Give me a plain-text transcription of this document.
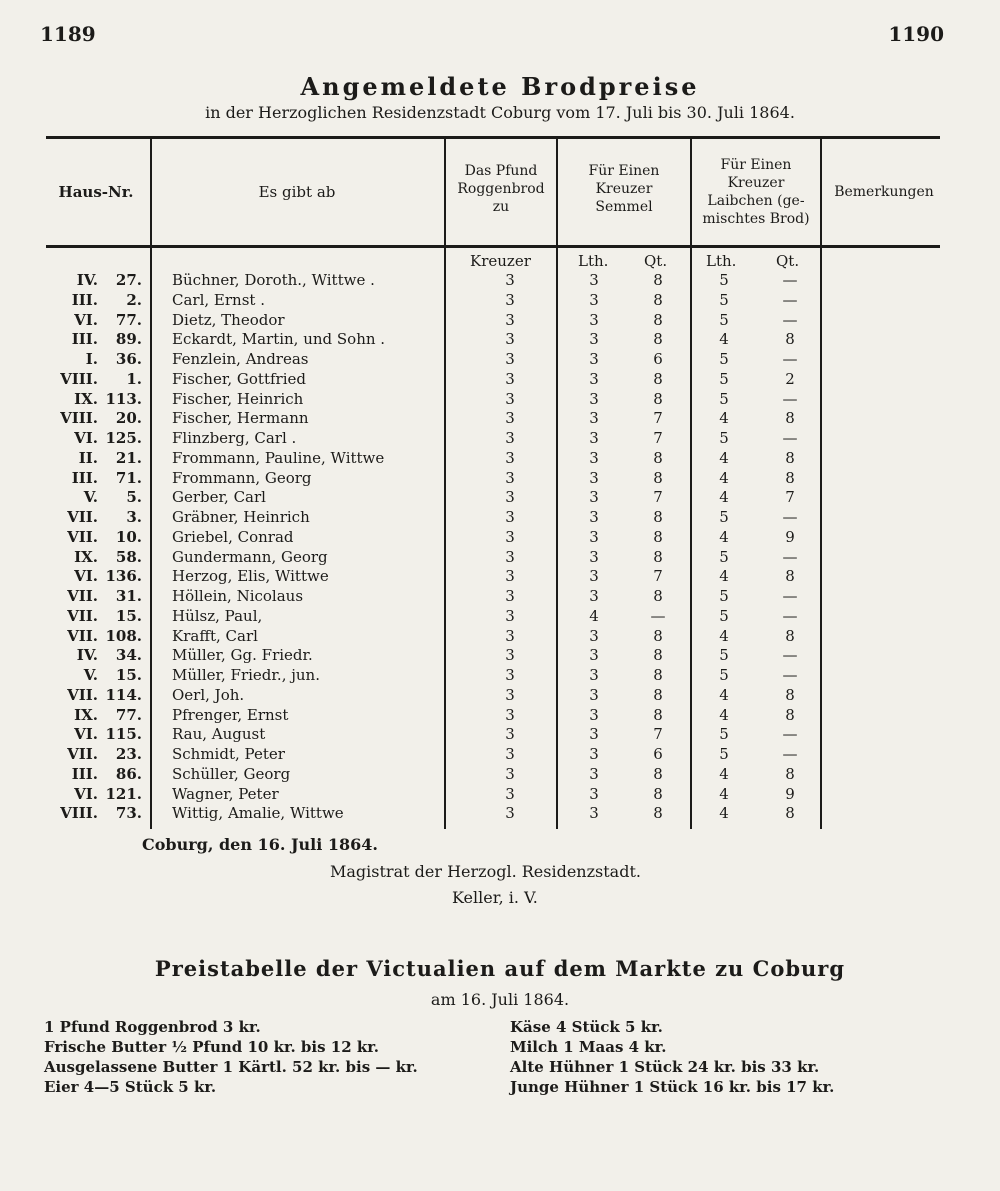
1189	1190
Angemeldete Brodpreise
in der Herzoglichen Residenzstadt Coburg vom 17. Juli bis 30. Juli 1864.
Haus-Nr.	Es gibt ab
Das Pfund
Roggenbrod
zu
Für Einen
Kreuzer
Semmel
Für Einen
Kreuzer
Laibchen (ge-
mischtes Brod)
Bemerkungen
Kreuzer	Lth. Qt.	Lth.	Qt.
IV.	27. Büchner, Doroth., Wittwe .	3	3	8	5	—
III.	2. Carl, Ernst .	3	3	8	5	—
VI.	77. Dietz, Theodor	3	3	8	5	—
III.	89. Eckardt, Martin, und Sohn .	3	3	8	4	8
I.	36. Fenzlein, Andreas	3	3	6	5	—
VIII.	1. Fischer, Gottfried	3	3	8	5	2
IX. 113. Fischer, Heinrich	3	3	8	5	—
VIII.	20. Fischer, Hermann	3	3	7	4	8
VI. 125. Flinzberg, Carl .	3	3	7	5	—
II.	21. Frommann, Pauline, Wittwe	3	3	8	4	8
III.	71. Frommann, Georg	3	3	8	4	8
V.	5. Gerber, Carl	3	3	7	4	7
VII.	3. Gräbner, Heinrich	3	3	8	5	—
VII.	10. Griebel, Conrad	3	3	8	4	9
IX.	58. Gundermann, Georg	3	3	8	5	—
VI. 136. Herzog, Elis, Wittwe	3	3	7	4	8
VII.	31. Höllein, Nicolaus	3	3	8	5	—
VII.	15. Hülsz, Paul,	3	4	—	5	—
VII. 108. Krafft, Carl	3	3	8	4	8
IV.	34. Müller, Gg. Friedr.	3	3	8	5	—
V.	15. Müller, Friedr., jun.	3	3	8	5	—
VII. 114. Oerl, Joh.	3	3	8	4	8
IX.	77. Pfrenger, Ernst	3	3	8	4	8
VI. 115. Rau, August	3	3	7	5	—
VII.	23. Schmidt, Peter	3	3	6	5	—
III.	86. Schüller, Georg	3	3	8	4	8
VI. 121. Wagner, Peter	3	3	8	4	9
VIII.	73. Wittig, Amalie, Wittwe	3	3	8	4	8
Coburg, den 16. Juli 1864.
Magistrat der Herzogl. Residenzstadt.
Keller, i. V.
Preistabelle der Victualien auf dem Markte zu Coburg
am 16. Juli 1864.
1 Pfund Roggenbrod 3 kr.
Frische Butter ½ Pfund 10 kr. bis 12 kr.
Ausgelassene Butter 1 Kärtl. 52 kr. bis — kr.
Eier 4—5 Stück 5 kr.
Käse 4 Stück 5 kr.
Milch 1 Maas 4 kr.
Alte Hühner 1 Stück 24 kr. bis 33 kr.
Junge Hühner 1 Stück 16 kr. bis 17 kr.
